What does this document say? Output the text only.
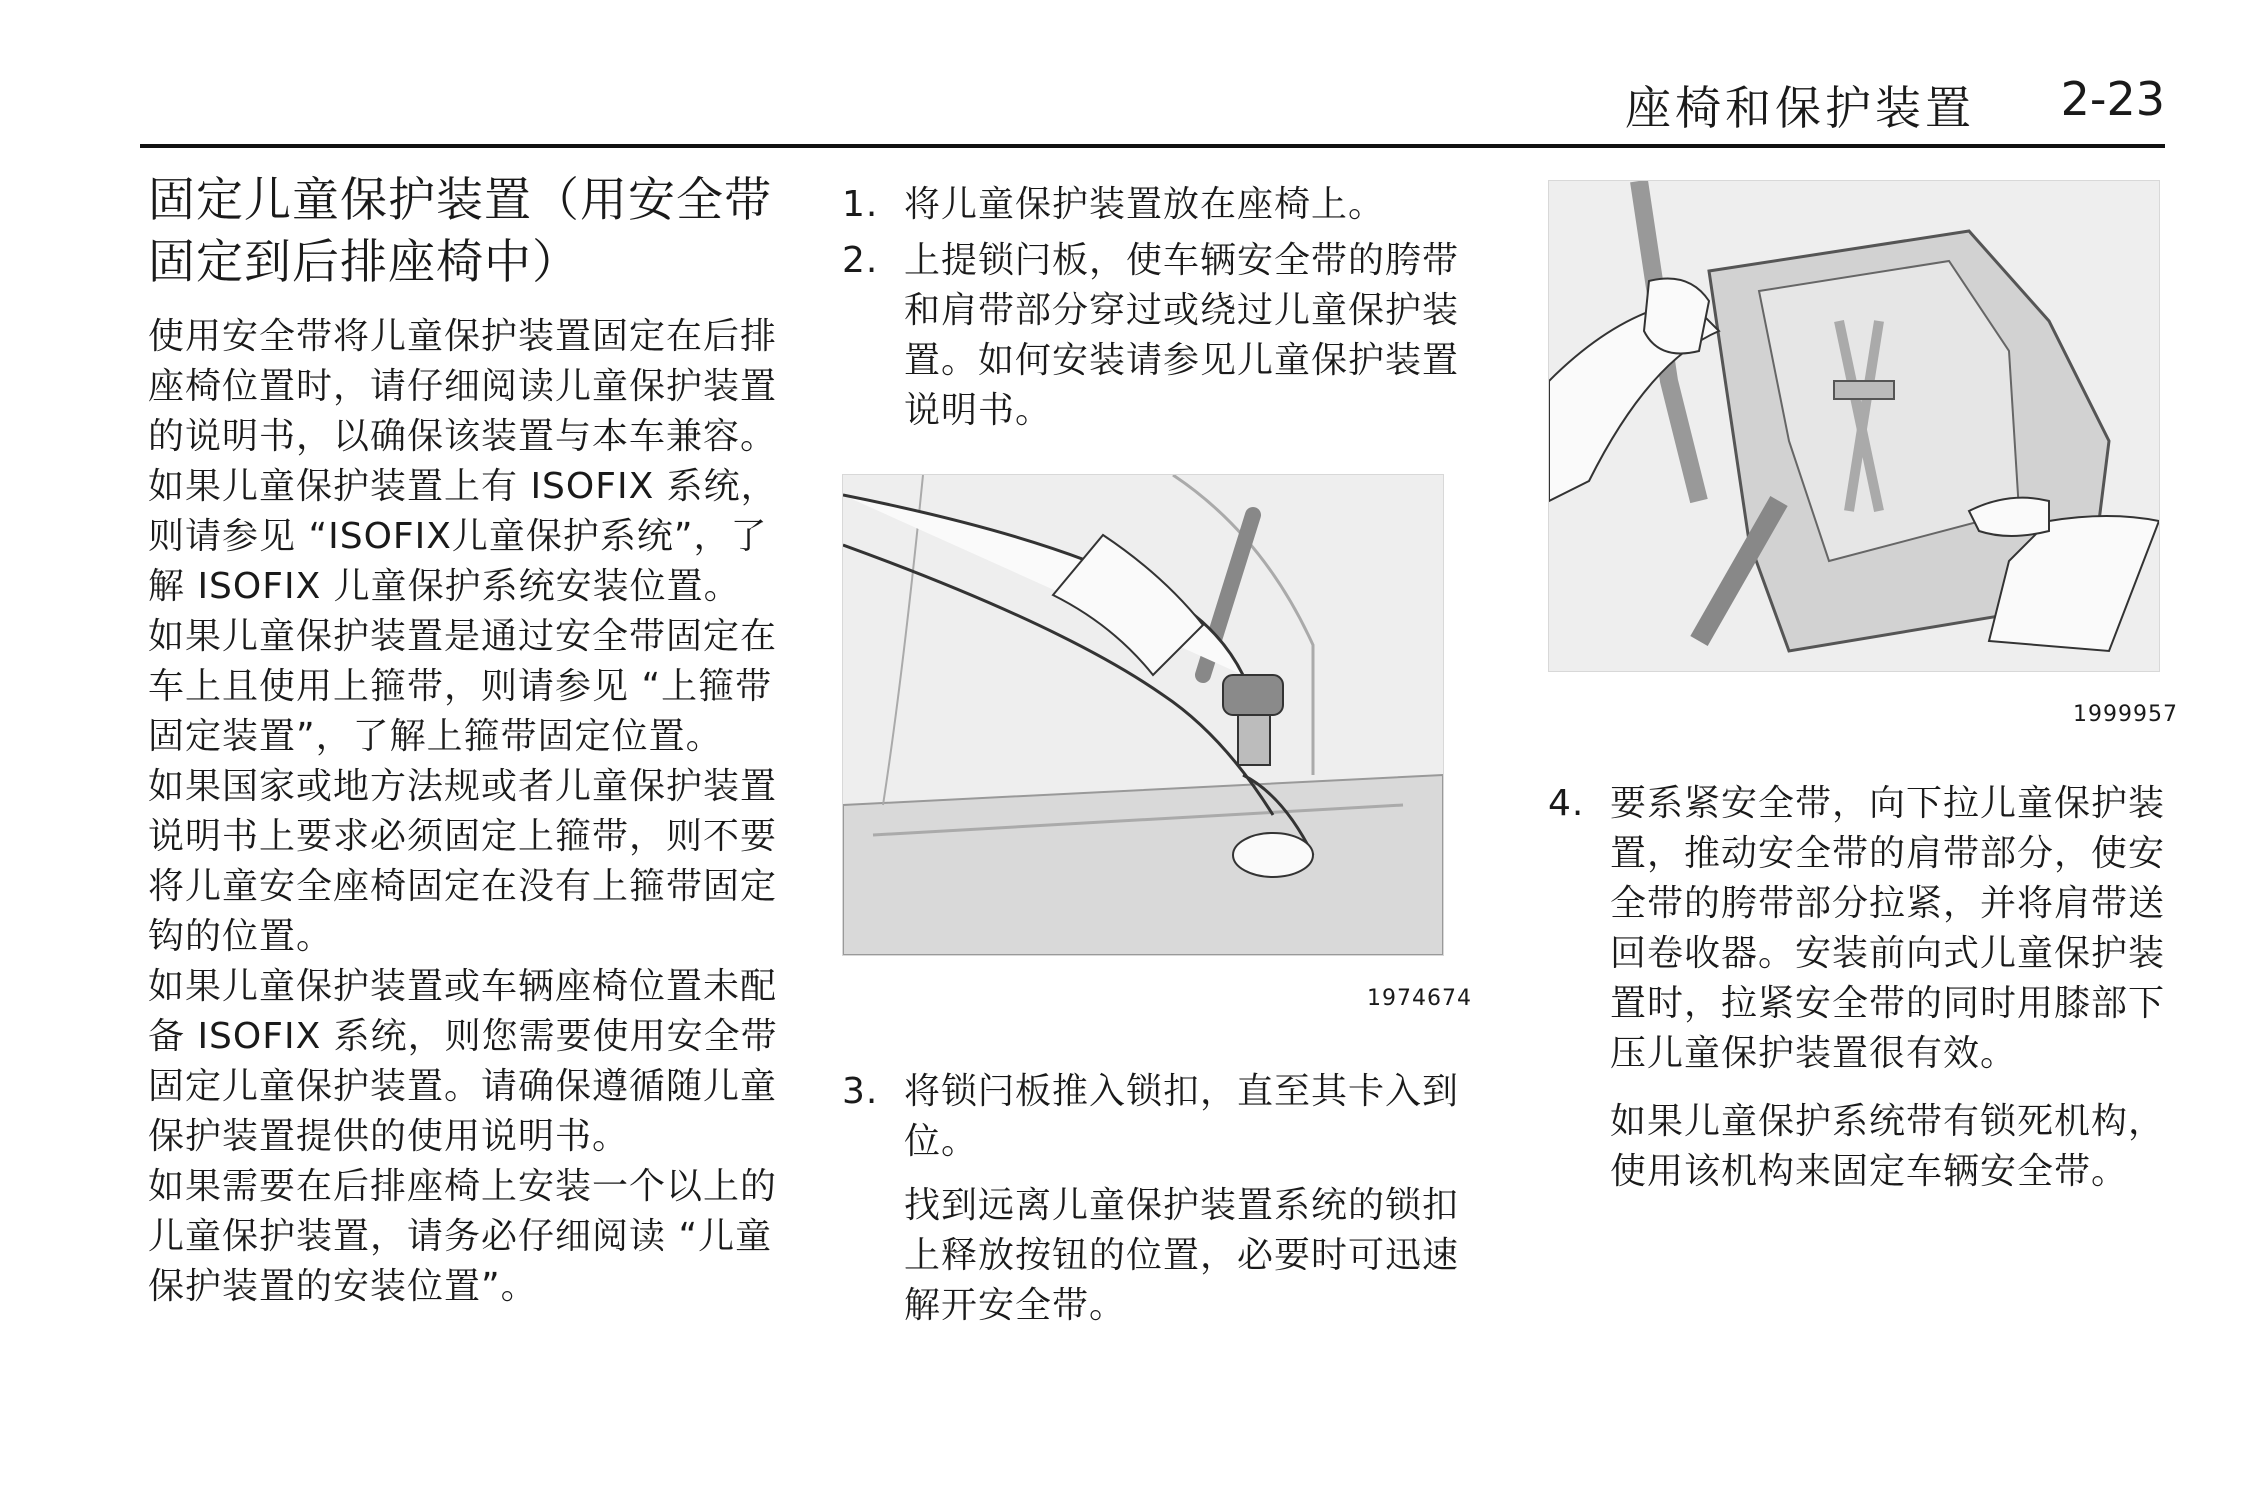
座椅和保护装置 2-23
固定儿童保护装置（用安全带固定到后排座椅中）

使用安全带将儿童保护装置固定在后排座椅位置时，请仔细阅读儿童保护装置的说明书，以确保该装置与本车兼容。

如果儿童保护装置上有 ISOFIX 系统，则请参见 “ISOFIX儿童保护系统”，了解 ISOFIX 儿童保护系统安装位置。

如果儿童保护装置是通过安全带固定在车上且使用上箍带，则请参见 “上箍带固定装置”，了解上箍带固定位置。

如果国家或地方法规或者儿童保护装置说明书上要求必须固定上箍带，则不要将儿童安全座椅固定在没有上箍带固定钩的位置。

如果儿童保护装置或车辆座椅位置未配备 ISOFIX 系统，则您需要使用安全带固定儿童保护装置。请确保遵循随儿童保护装置提供的使用说明书。

如果需要在后排座椅上安装一个以上的儿童保护装置，请务必仔细阅读 “儿童保护装置的安装位置”。

1. 将儿童保护装置放在座椅上。
2. 上提锁闩板，使车辆安全带的胯带和肩带部分穿过或绕过儿童保护装置。如何安装请参见儿童保护装置说明书。
1974674
3. 将锁闩板推入锁扣，直至其卡入到位。
找到远离儿童保护装置系统的锁扣上释放按钮的位置，必要时可迅速解开安全带。
1999957
4. 要系紧安全带，向下拉儿童保护装置，推动安全带的肩带部分，使安全带的胯带部分拉紧，并将肩带送回卷收器。安装前向式儿童保护装置时，拉紧安全带的同时用膝部下压儿童保护装置很有效。
如果儿童保护系统带有锁死机构，使用该机构来固定车辆安全带。
